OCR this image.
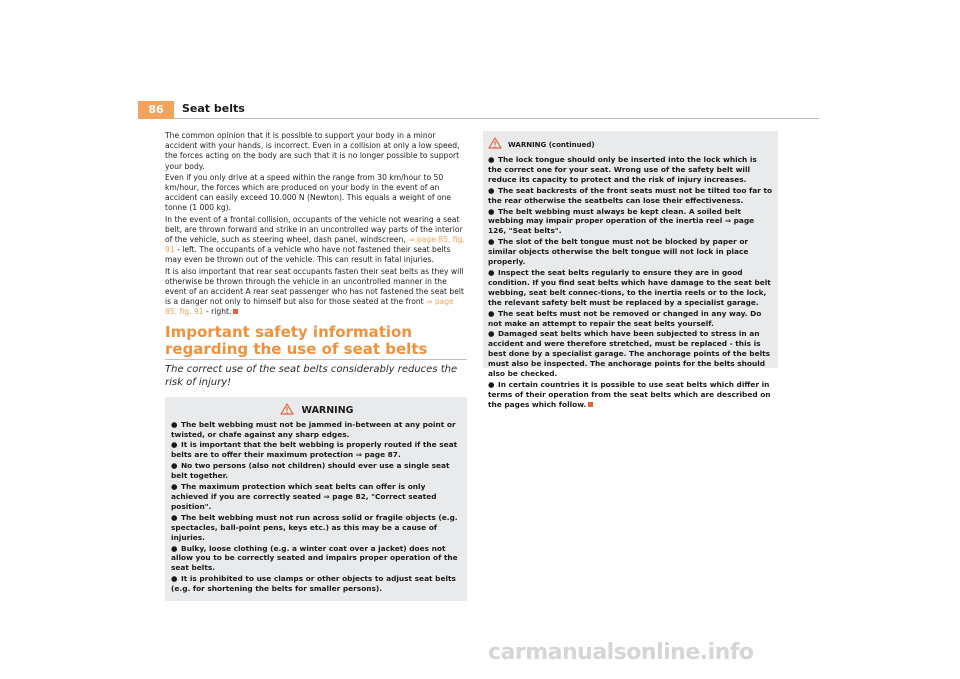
86	Seat belts

The common opinion that it is possible to support your body in a minor accident with your hands, is incorrect. Even in a collision at only a low speed, the forces acting on the body are such that it is no longer possible to support your body.

Even if you only drive at a speed within the range from 30 km/hour to 50 km/hour, the forces which are produced on your body in the event of an accident can easily exceed 10.000 N (Newton). This equals a weight of one tonne (1 000 kg).

In the event of a frontal collision, occupants of the vehicle not wearing a seat belt, are thrown forward and strike in an uncontrolled way parts of the interior of the vehicle, such as steering wheel, dash panel, windscreen, ⇒ page 85, fig. 91 - left. The occupants of a vehicle who have not fastened their seat belts may even be thrown out of the vehicle. This can result in fatal injuries.

It is also important that rear seat occupants fasten their seat belts as they will otherwise be thrown through the vehicle in an uncontrolled manner in the event of an accident A rear seat passenger who has not fastened the seat belt is a danger not only to himself but also for those seated at the front ⇒ page 85, fig. 91 - right.

Important safety information regarding the use of seat belts

The correct use of the seat belts considerably reduces the risk of injury!

WARNING

● The belt webbing must not be jammed in-between at any point or twisted, or chafe against any sharp edges.

● It is important that the belt webbing is properly routed if the seat belts are to offer their maximum protection ⇒ page 87.

● No two persons (also not children) should ever use a single seat belt together.

● The maximum protection which seat belts can offer is only achieved if you are correctly seated ⇒ page 82, "Correct seated position".

● The belt webbing must not run across solid or fragile objects (e.g. spectacles, ball-point pens, keys etc.) as this may be a cause of injuries.

● Bulky, loose clothing (e.g. a winter coat over a jacket) does not allow you to be correctly seated and impairs proper operation of the seat belts.

● It is prohibited to use clamps or other objects to adjust seat belts (e.g. for shortening the belts for smaller persons).

WARNING (continued)

● The lock tongue should only be inserted into the lock which is the correct one for your seat. Wrong use of the safety belt will reduce its capacity to protect and the risk of injury increases.

● The seat backrests of the front seats must not be tilted too far to the rear otherwise the seatbelts can lose their effectiveness.

● The belt webbing must always be kept clean. A soiled belt webbing may impair proper operation of the inertia reel ⇒ page 126, "Seat belts".

● The slot of the belt tongue must not be blocked by paper or similar objects otherwise the belt tongue will not lock in place properly.

● Inspect the seat belts regularly to ensure they are in good condition. If you find seat belts which have damage to the seat belt webbing, seat belt connec-tions, to the inertia reels or to the lock, the relevant safety belt must be replaced by a specialist garage.

● The seat belts must not be removed or changed in any way. Do not make an attempt to repair the seat belts yourself.

● Damaged seat belts which have been subjected to stress in an accident and were therefore stretched, must be replaced - this is best done by a specialist garage. The anchorage points of the belts must also be inspected. The anchorage points for the belts should also be checked.

● In certain countries it is possible to use seat belts which differ in terms of their operation from the seat belts which are described on the pages which follow.

carmanualsonline.info
